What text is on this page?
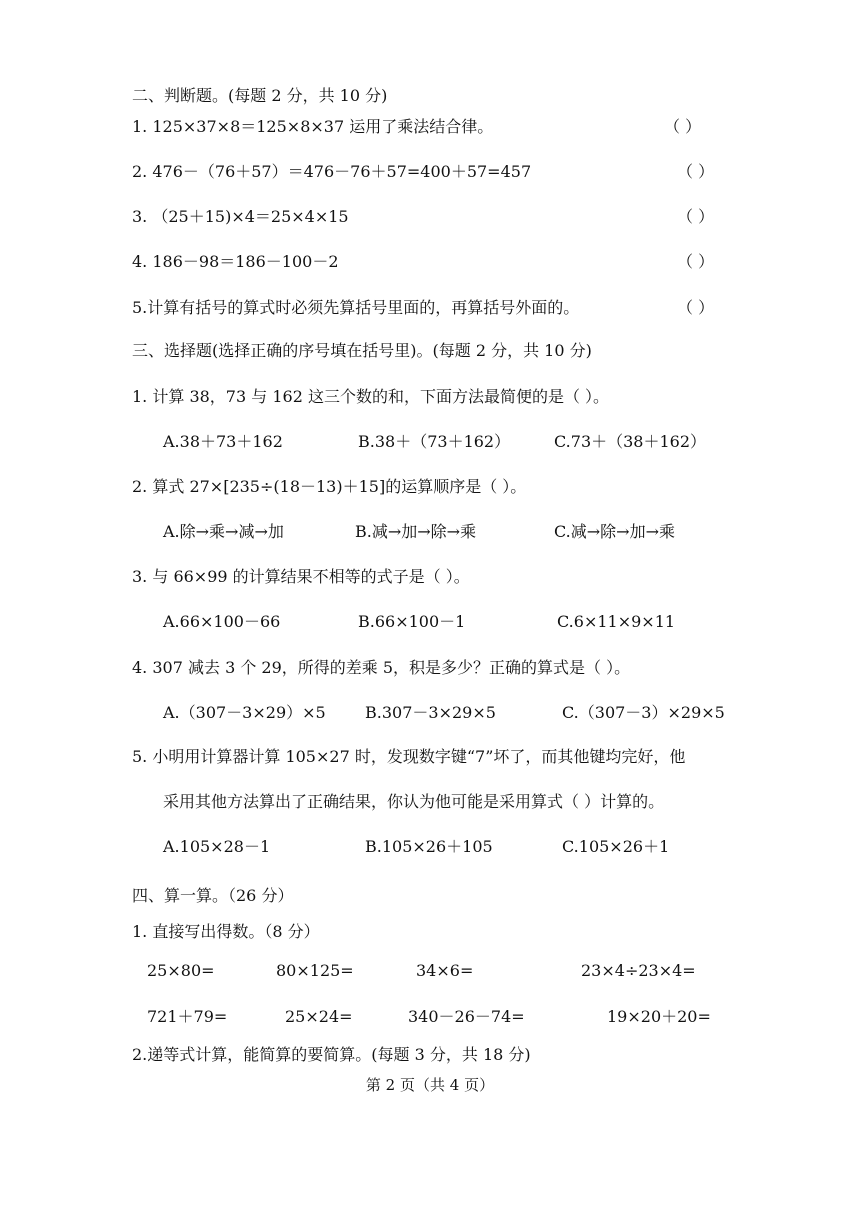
二、判断题。(每题 2 分，共 10 分)
1. 125×37×8＝125×8×37 运用了乘法结合律。	（ ）
2. 476－（76＋57）＝476－76＋57=400＋57=457	（ ）
3. （25＋15)×4＝25×4×15	（ ）
4. 186－98＝186－100－2	（ ）
5.计算有括号的算式时必须先算括号里面的，再算括号外面的。	（ ）
三、选择题(选择正确的序号填在括号里)。(每题 2 分，共 10 分)
1. 计算 38，73 与 162 这三个数的和，下面方法最简便的是（ ）。
A.38＋73＋162	B.38＋（73＋162）	C.73＋（38＋162）
2. 算式 27×[235÷(18－13)＋15]的运算顺序是（ ）。
A.除→乘→减→加	B.减→加→除→乘	C.减→除→加→乘
3. 与 66×99 的计算结果不相等的式子是（ ）。
A.66×100－66	B.66×100－1	C.6×11×9×11
4. 307 减去 3 个 29，所得的差乘 5，积是多少？正确的算式是（ ）。
A.（307－3×29）×5 B.307－3×29×5	C.（307－3）×29×5
5. 小明用计算器计算 105×27 时，发现数字键“7”坏了，而其他键均完好，他
采用其他方法算出了正确结果，你认为他可能是采用算式（ ）计算的。
A.105×28－1	B.105×26＋105	C.105×26＋1
四、算一算。（26 分）
1. 直接写出得数。（8 分）
25×80=	80×125=	34×6=	23×4÷23×4=
721＋79=	25×24=	340－26－74=	19×20＋20=
2.递等式计算，能简算的要简算。(每题 3 分，共 18 分)
第 2 页（共 4 页）
